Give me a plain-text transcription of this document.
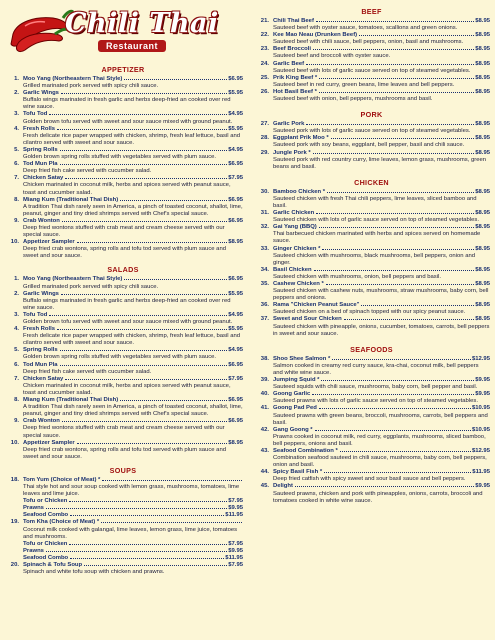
Chili Thai
Restaurant
APPETIZER
1. Moo Yang (Northeastern Thai Style)	$6.95
Grilled marinated pork served with spicy chili sauce.
2. Garlic Wings	$5.95
Buffalo wings marinated in fresh garlic and herbs deep-fried an cooked over red wine sauce.
3. Tofu Tod	$4.95
Golden brown tofu served with sweet and sour sauce mixed with ground peanut.
4. Fresh Rolls	$5.95
Fresh delicate rice paper wrapped with chicken, shrimp, fresh leaf lettuce, basil and cilantro served with sweet and sour sauce.
5. Spring Rolls	$4.95
Golden brown spring rolls stuffed with vegetables served with plum sauce.
6. Tod Mun Pla	$6.95
Deep fried fish cake served with cucumber salad.
7. Chicken Satay	$7.95
Chicken marinated in coconut milk, herbs and spices served with peanut sauce, toast and cucumber salad.
8. Miang Kum (Traditional Thai Dish)	$6.95
A tradition Thai dish rarely seen in America, a pinch of toasted coconut, shallot, lime, peanut, ginger and tiny dried shrimps served with Chef's special sauce.
9. Crab Wonton	$6.95
Deep fried wontons stuffed with crab meat and cream cheese served with our special sauce.
10. Appetizer Sampler	$8.95
Deep fried crab wontons, spring rolls and tofu tod served with plum sauce and sweet and sour sauce.
SALADS
1. Moo Yang (Northeastern Thai Style)	$6.95
Grilled marinated pork served with spicy chili sauce.
2. Garlic Wings	$5.95
Buffalo wings marinated in fresh garlic and herbs deep-fried an cooked over red wine sauce.
3. Tofu Tod	$4.95
Golden brown tofu served with sweet and sour sauce mixed with ground peanut.
4. Fresh Rolls	$5.95
Fresh delicate rice paper wrapped with chicken, shrimp, fresh leaf lettuce, basil and cilantro served with sweet and sour sauce.
5. Spring Rolls	$4.95
Golden brown spring rolls stuffed with vegetables served with plum sauce.
6. Tod Mun Pla	$6.95
Deep fried fish cake served with cucumber salad.
7. Chicken Satay	$7.95
Chicken marinated in coconut milk, herbs and spices served with peanut sauce, toast and cucumber salad.
8. Miang Kum (Traditional Thai Dish)	$6.95
A tradition Thai dish rarely seen in America, a pinch of toasted coconut, shallot, lime, peanut, ginger and tiny dried shrimps served with Chef's special sauce.
9. Crab Wonton	$6.95
Deep fried wontons stuffed with crab meat and cream cheese served with our special sauce.
10. Appetizer Sampler	$8.95
Deep fried crab wontons, spring rolls and tofu tod served with plum sauce and sweet and sour sauce.
SOUPS
18. Tom Yum (Choice of Meat) *
Thai style hot and sour soup cooked with lemon grass, mushrooms, tomatoes, lime leaves and lime juice.
Tofu or Chicken	$7.95
Prawns	$9.95
Seafood Combo	$11.95
19. Tom Kha (Choice of Meat) *
Coconut milk cooked with galangal, lime leaves, lemon grass, lime juice, tomatoes and mushrooms.
Tofu or Chicken	$7.95
Prawns	$9.95
Seafood Combo	$11.95
20. Spinach & Tofu Soup	$7.95
Spinach and white tofu soup with chicken and prawns.
BEEF
21. Chili Thai Beef	$8.95
Sauteed beef with oyster sauce, tomatoes, scallions and green onions.
22. Kee Mao Neau (Drunken Beef)	$8.95
Sauteed beef with chili sauce, bell peppers, onion, basil and mushrooms.
23. Beef Broccoli	$8.95
Sauteed beef and broccoli with oyster sauce.
24. Garlic Beef	$8.95
Sauteed beef with lots of garlic sauce served on top of steamed vegetables.
25. Prik King Beef *	$8.95
Sauteed beef in red curry, green beans, lime leaves and bell peppers.
26. Hot Basil Beef *	$8.95
Sauteed beef with onion, bell peppers, mushrooms and basil.
PORK
27. Garlic Pork	$8.95
Sauteed pork with lots of garlic sauce served on top of steamed vegetables.
28. Eggplant Prik Moo *	$8.95
Sauteed pork with soy beans, eggplant, bell pepper, basil and chili sauce.
29. Jungle Pork *	$8.95
Sauteed pork with red country curry, lime leaves, lemon grass, mushrooms, green beans and basil.
CHICKEN
30. Bamboo Chicken *	$8.95
Sauteed chicken with fresh Thai chili peppers, lime leaves, sliced bamboo and basil.
31. Garlic Chicken	$8.95
Sauteed chicken with lots of garlic sauce served on top of steamed vegetables.
32. Gai Yang (BBQ)	$8.95
Thai barbecued chicken marinated with herbs and spices served on homemade sauce.
33. Ginger Chicken *	$8.95
Sauteed chicken with mushrooms, black mushrooms, bell peppers, onion and ginger.
34. Basil Chicken	$8.95
Sauteed chicken with mushrooms, onion, bell peppers and basil.
35. Cashew Chicken *	$8.95
Sauteed chicken with cashew nuts, mushrooms, straw mushrooms, baby corn, bell peppers and onions.
36. Rama "Chicken Peanut Sauce"	$8.95
Sauteed chicken on a bed of spinach topped with our spicy peanut sauce.
37. Sweet and Sour Chicken	$8.95
Sauteed chicken with pineapple, onions, cucumber, tomatoes, carrots, bell peppers in sweet and sour sauce.
SEAFOODS
38. Shoo Shee Salmon *	$12.95
Salmon cooked in creamy red curry sauce, kra-chai, coconut milk, bell peppers and white wine sauce.
39. Jumping Squid *	$9.95
Sauteed squids with chili sauce, mushrooms, baby corn, bell pepper and basil.
40. Goong Garlic	$9.95
Sauteed prawns with lots of garlic sauce served on top of steamed vegetables.
41. Goong Pad Ped	$10.95
Sauteed prawns with green beans, broccoli, mushrooms, carrots, bell peppers and basil.
42. Gang Goong *	$10.95
Prawns cooked in coconut milk, red curry, eggplants, mushrooms, sliced bamboo, bell peppers, onions and basil.
43. Seafood Combination *	$12.95
Combination seafood sauteed in chili sauce, mushrooms, baby corn, bell peppers, onion and basil.
44. Spicy Basil Fish *	$11.95
Deep fried catfish with spicy sweet and sour basil sauce and bell peppers.
45. Delight	$9.95
Sauteed prawns, chicken and pork with pineapples, onions, carrots, broccoli and tomatoes cooked in white wine sauce.
